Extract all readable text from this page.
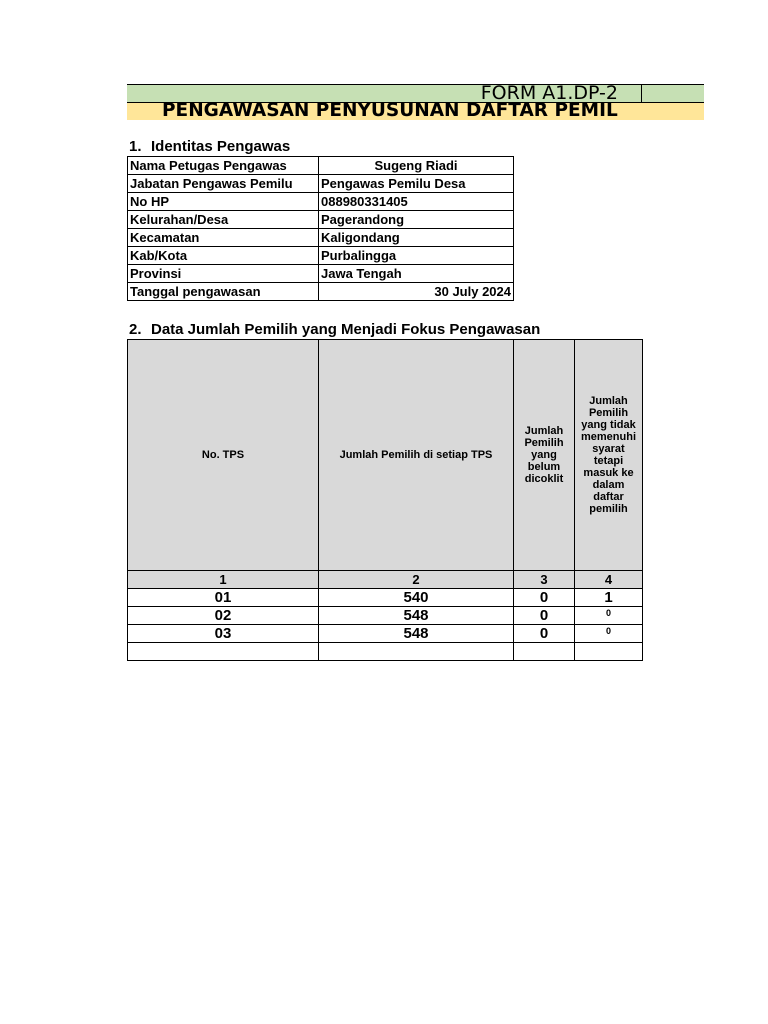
FORM A1.DP-2
PENGAWASAN PENYUSUNAN DAFTAR PEMIL
1. Identitas Pengawas
Nama Petugas Pengawas	Sugeng Riadi
Jabatan Pengawas Pemilu	Pengawas Pemilu Desa
No HP	088980331405
Kelurahan/Desa	Pagerandong
Kecamatan	Kaligondang
Kab/Kota	Purbalingga
Provinsi	Jawa Tengah
Tanggal pengawasan	30 July 2024
2. Data Jumlah Pemilih yang Menjadi Fokus Pengawasan
No. TPS	Jumlah Pemilih di setiap TPS	Jumlah Pemilih yang belum dicoklit	Jumlah Pemilih yang tidak memenuhi syarat tetapi masuk ke dalam daftar pemilih
1	2	3	4
01	540	0	1
02	548	0	0
03	548	0	0
